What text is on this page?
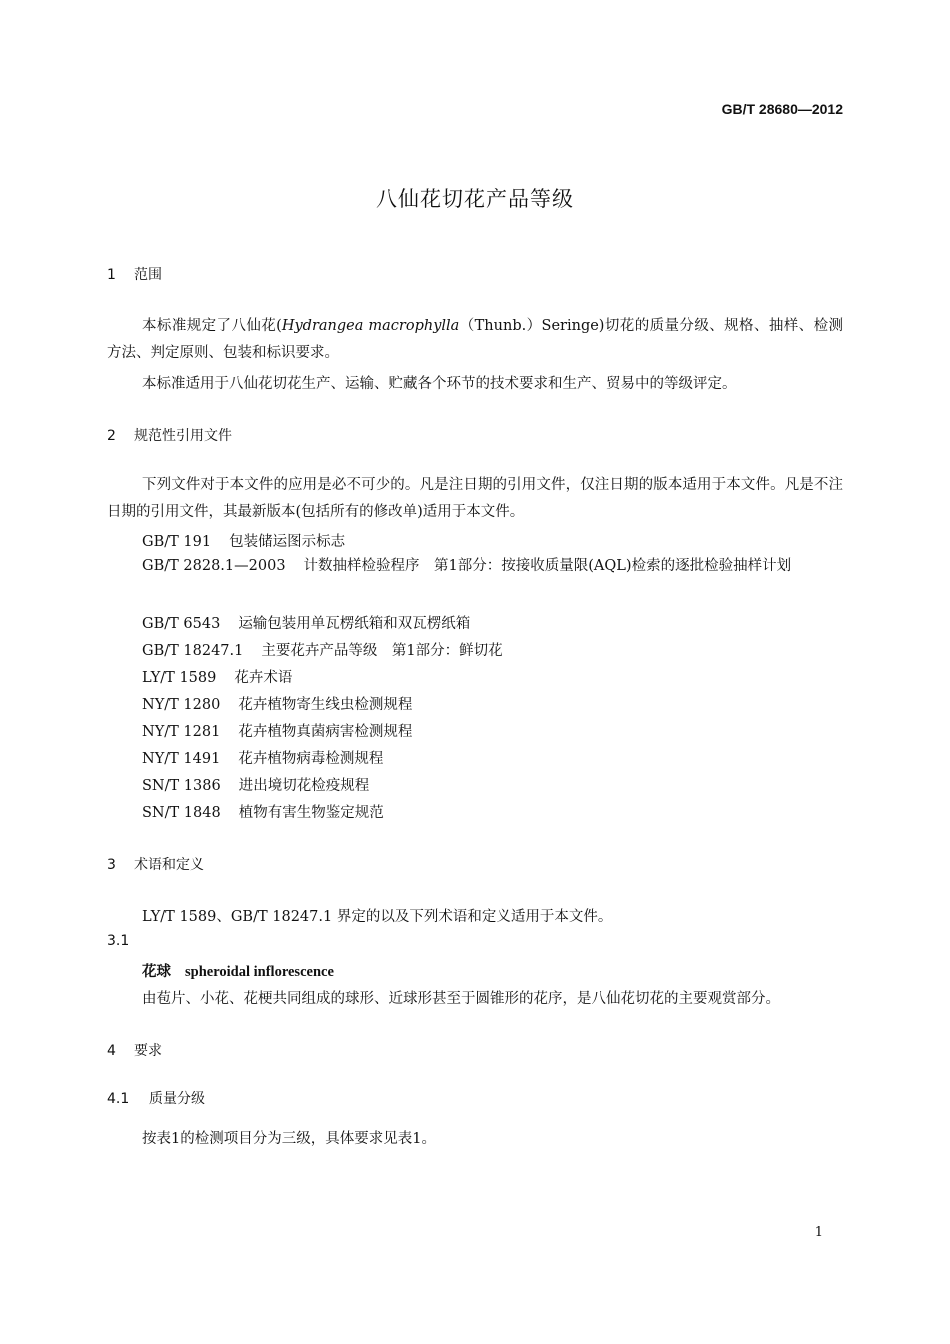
GB/T 28680—2012
八仙花切花产品等级
1 范围
本标准规定了八仙花(Hydrangea macrophylla（Thunb.）Seringe)切花的质量分级、规格、抽样、检测方法、判定原则、包装和标识要求。
本标准适用于八仙花切花生产、运输、贮藏各个环节的技术要求和生产、贸易中的等级评定。
2 规范性引用文件
下列文件对于本文件的应用是必不可少的。凡是注日期的引用文件，仅注日期的版本适用于本文件。凡是不注日期的引用文件，其最新版本(包括所有的修改单)适用于本文件。
GB/T 191 包装储运图示标志
GB/T 2828.1—2003 计数抽样检验程序　第1部分：按接收质量限(AQL)检索的逐批检验抽样计划
GB/T 6543 运输包装用单瓦楞纸箱和双瓦楞纸箱
GB/T 18247.1 主要花卉产品等级　第1部分：鲜切花
LY/T 1589 花卉术语
NY/T 1280 花卉植物寄生线虫检测规程
NY/T 1281 花卉植物真菌病害检测规程
NY/T 1491 花卉植物病毒检测规程
SN/T 1386 进出境切花检疫规程
SN/T 1848 植物有害生物鉴定规范
3 术语和定义
LY/T 1589、GB/T 18247.1 界定的以及下列术语和定义适用于本文件。
3.1
花球 spheroidal inflorescence
由苞片、小花、花梗共同组成的球形、近球形甚至于圆锥形的花序，是八仙花切花的主要观赏部分。
4 要求
4.1 质量分级
按表1的检测项目分为三级，具体要求见表1。
1
